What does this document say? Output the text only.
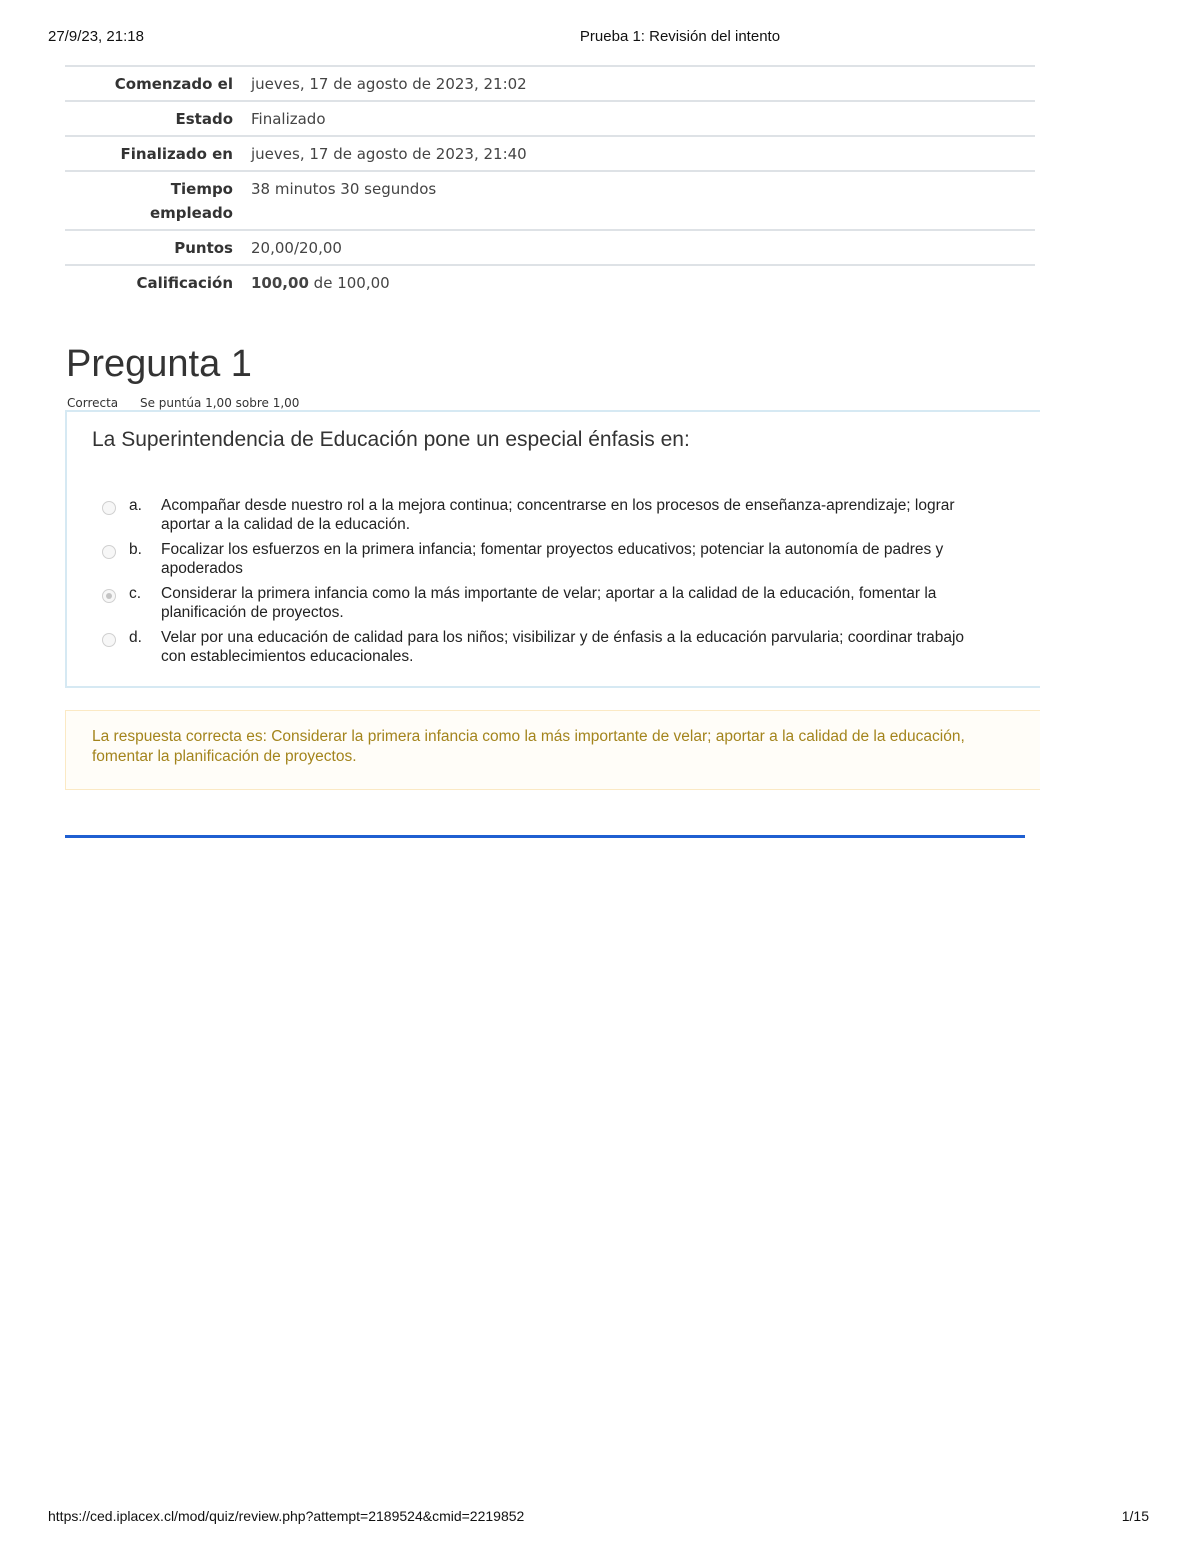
27/9/23, 21:18	Prueba 1: Revisión del intento
Comenzado el	jueves, 17 de agosto de 2023, 21:02
Estado	Finalizado
Finalizado en	jueves, 17 de agosto de 2023, 21:40
Tiempo
empleado	38 minutos 30 segundos
Puntos	20,00/20,00
Calificación	100,00 de 100,00
Pregunta 1
Correcta Se puntúa 1,00 sobre 1,00
La Superintendencia de Educación pone un especial énfasis en:
a. Acompañar desde nuestro rol a la mejora continua; concentrarse en los procesos de enseñanza-aprendizaje; lograr aportar a la calidad de la educación.
b. Focalizar los esfuerzos en la primera infancia; fomentar proyectos educativos; potenciar la autonomía de padres y apoderados
c. Considerar la primera infancia como la más importante de velar; aportar a la calidad de la educación, fomentar la planificación de proyectos.
d. Velar por una educación de calidad para los niños; visibilizar y de énfasis a la educación parvularia; coordinar trabajo con establecimientos educacionales.
La respuesta correcta es: Considerar la primera infancia como la más importante de velar; aportar a la calidad de la educación, fomentar la planificación de proyectos.
https://ced.iplacex.cl/mod/quiz/review.php?attempt=2189524&cmid=2219852	1/15
